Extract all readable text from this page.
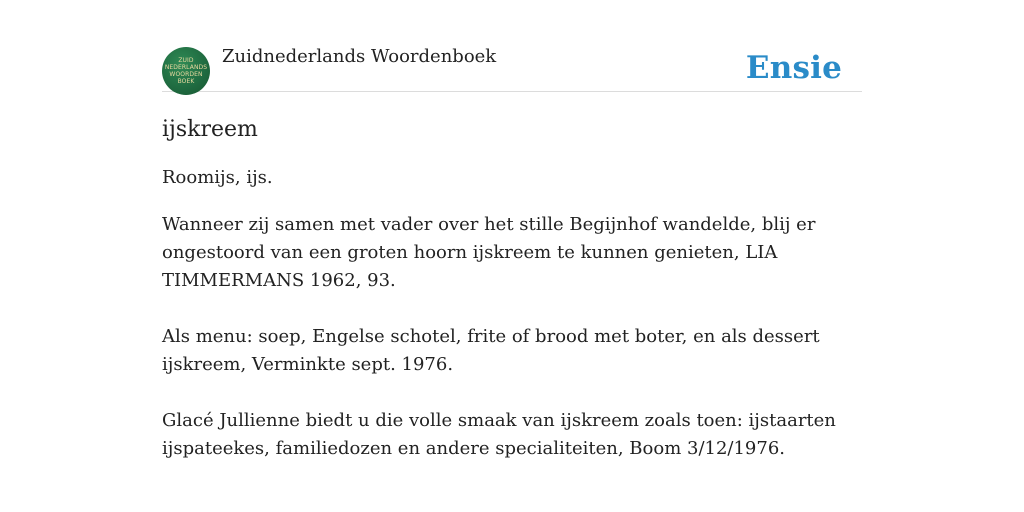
ZUID
NEDERLANDS
WOORDEN
BOEK
Zuidnederlands Woordenboek	Ensie
ijskreem

Roomijs, ijs.

Wanneer zij samen met vader over het stille Begijnhof wandelde, blij er ongestoord van een groten hoorn ijskreem te kunnen genieten, LIA TIMMERMANS 1962, 93.

Als menu: soep, Engelse schotel, frite of brood met boter, en als dessert ijskreem, Verminkte sept. 1976.

Glacé Jullienne biedt u die volle smaak van ijskreem zoals toen: ijstaarten ijspateekes, familiedozen en andere specialiteiten, Boom 3/12/1976.
